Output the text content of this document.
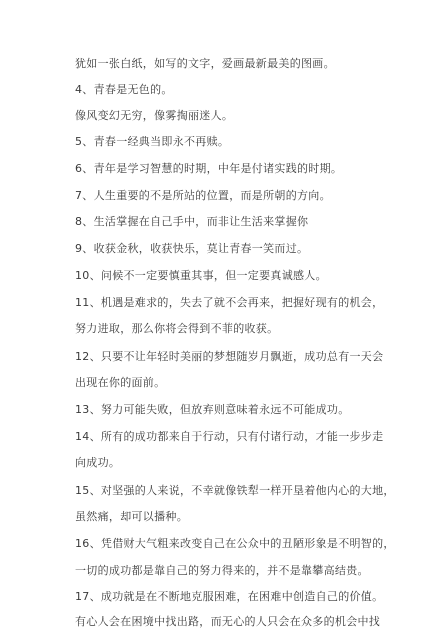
犹如一张白纸，如写的文字，爱画最新最美的图画。
4、青春是无色的。
像风变幻无穷，像雾掏丽迷人。
5、青春一经典当即永不再赎。
6、青年是学习智慧的时期，中年是付诸实践的时期。
7、人生重要的不是所站的位置，而是所朝的方向。
8、生活掌握在自己手中，而非让生活来掌握你
9、收获金秋，收获快乐，莫让青春一笑而过。
10、问候不一定要慎重其事，但一定要真诚感人。
11、机遇是难求的，失去了就不会再来，把握好现有的机会，
努力进取，那么你将会得到不菲的收获。
12、只要不让年轻时美丽的梦想随岁月飘逝，成功总有一天会
出现在你的面前。
13、努力可能失败，但放弃则意味着永远不可能成功。
14、所有的成功都来自于行动，只有付诸行动，才能一步步走
向成功。
15、对坚强的人来说，不幸就像铁犁一样开垦着他内心的大地，
虽然痛，却可以播种。
16、凭借财大气粗来改变自己在公众中的丑陋形象是不明智的，
一切的成功都是靠自己的努力得来的，并不是靠攀高结贵。
17、成功就是在不断地克服困难，在困难中创造自己的价值。
有心人会在困境中找出路，而无心的人只会在众多的机会中找
